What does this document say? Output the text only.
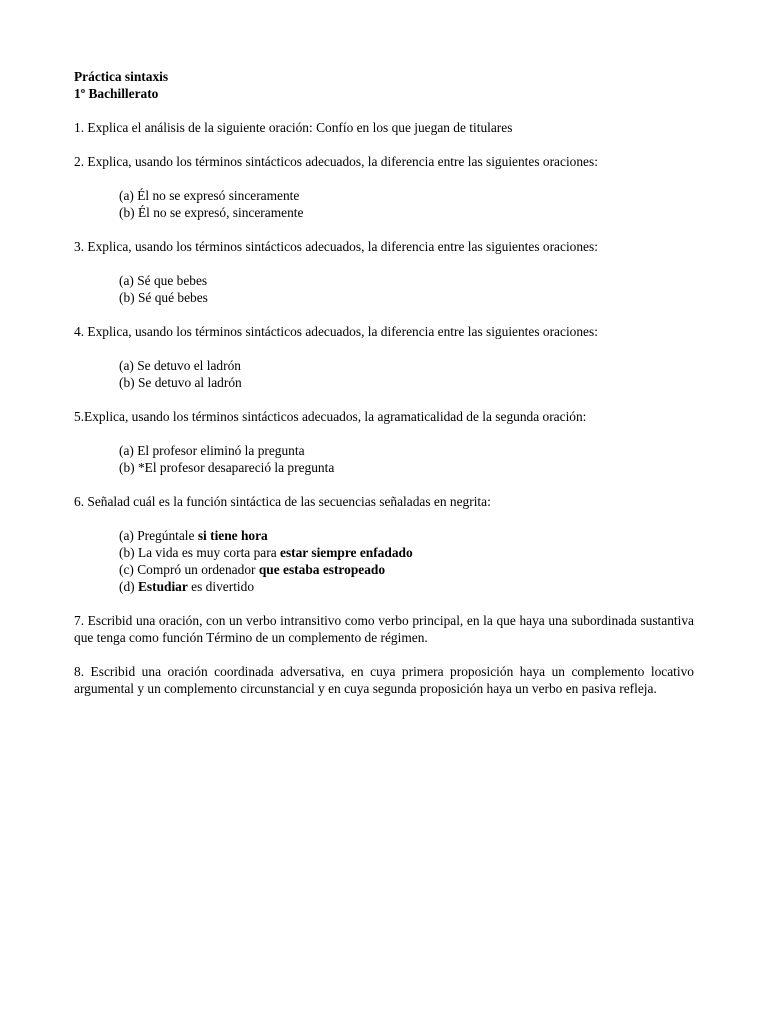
Práctica sintaxis

1º Bachillerato

1. Explica el análisis de la siguiente oración: Confío en los que juegan de titulares

2. Explica, usando los términos sintácticos adecuados, la diferencia entre las siguientes oraciones:

(a) Él no se expresó sinceramente

(b) Él no se expresó, sinceramente

3. Explica, usando los términos sintácticos adecuados, la diferencia entre las siguientes oraciones:

(a) Sé que bebes

(b) Sé qué bebes

4. Explica, usando los términos sintácticos adecuados, la diferencia entre las siguientes oraciones:

(a) Se detuvo el ladrón

(b) Se detuvo al ladrón

5.Explica, usando los términos sintácticos adecuados, la agramaticalidad de la segunda oración:

(a) El profesor eliminó la pregunta

(b) *El profesor desapareció la pregunta

6. Señalad cuál es la función sintáctica de las secuencias señaladas en negrita:

(a) Pregúntale si tiene hora

(b) La vida es muy corta para estar siempre enfadado

(c) Compró un ordenador que estaba estropeado

(d) Estudiar es divertido

7. Escribid una oración, con un verbo intransitivo como verbo principal, en la que haya una subordinada sustantiva que tenga como función Término de un complemento de régimen.

8. Escribid una oración coordinada adversativa, en cuya primera proposición haya un complemento locativo argumental y un complemento circunstancial y en cuya segunda proposición haya un verbo en pasiva refleja.
